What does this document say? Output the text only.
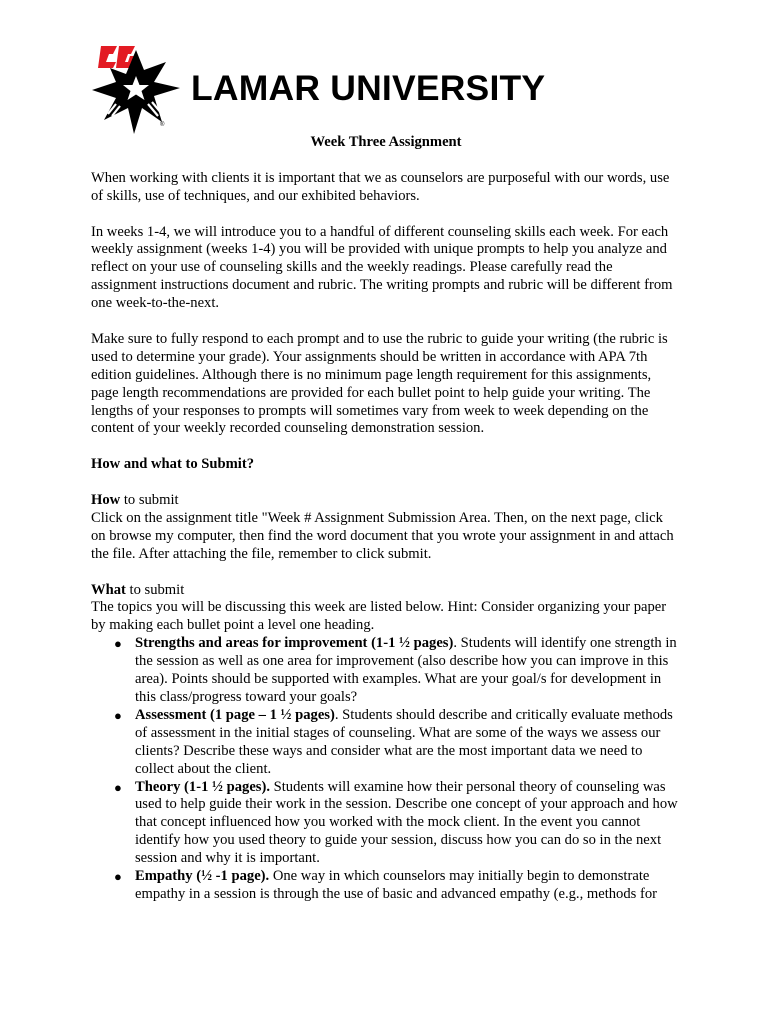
®
LAMAR UNIVERSITY
Week Three Assignment

When working with clients it is important that we as counselors are purposeful with our words, use of skills, use of techniques, and our exhibited behaviors.

In weeks 1-4, we will introduce you to a handful of different counseling skills each week. For each weekly assignment (weeks 1-4) you will be provided with unique prompts to help you analyze and reflect on your use of counseling skills and the weekly readings. Please carefully read the assignment instructions document and rubric. The writing prompts and rubric will be different from one week-to-the-next.

Make sure to fully respond to each prompt and to use the rubric to guide your writing (the rubric is used to determine your grade). Your assignments should be written in accordance with APA 7th edition guidelines. Although there is no minimum page length requirement for this assignments, page length recommendations are provided for each bullet point to help guide your writing. The lengths of your responses to prompts will sometimes vary from week to week depending on the content of your weekly recorded counseling demonstration session.

How and what to Submit?

How to submit

Click on the assignment title "Week # Assignment Submission Area. Then, on the next page, click on browse my computer, then find the word document that you wrote your assignment in and attach the file. After attaching the file, remember to click submit.

What to submit

The topics you will be discussing this week are listed below. Hint: Consider organizing your paper by making each bullet point a level one heading.

● Strengths and areas for improvement (1-1 ½ pages). Students will identify one strength in the session as well as one area for improvement (also describe how you can improve in this area). Points should be supported with examples. What are your goal/s for development in this class/progress toward your goals?
● Assessment (1 page – 1 ½ pages). Students should describe and critically evaluate methods of assessment in the initial stages of counseling. What are some of the ways we assess our clients? Describe these ways and consider what are the most important data we need to collect about the client.
● Theory (1-1 ½ pages). Students will examine how their personal theory of counseling was used to help guide their work in the session. Describe one concept of your approach and how that concept influenced how you worked with the mock client. In the event you cannot identify how you used theory to guide your session, discuss how you can do so in the next session and why it is important.
● Empathy (½ -1 page). One way in which counselors may initially begin to demonstrate empathy in a session is through the use of basic and advanced empathy (e.g., methods for
